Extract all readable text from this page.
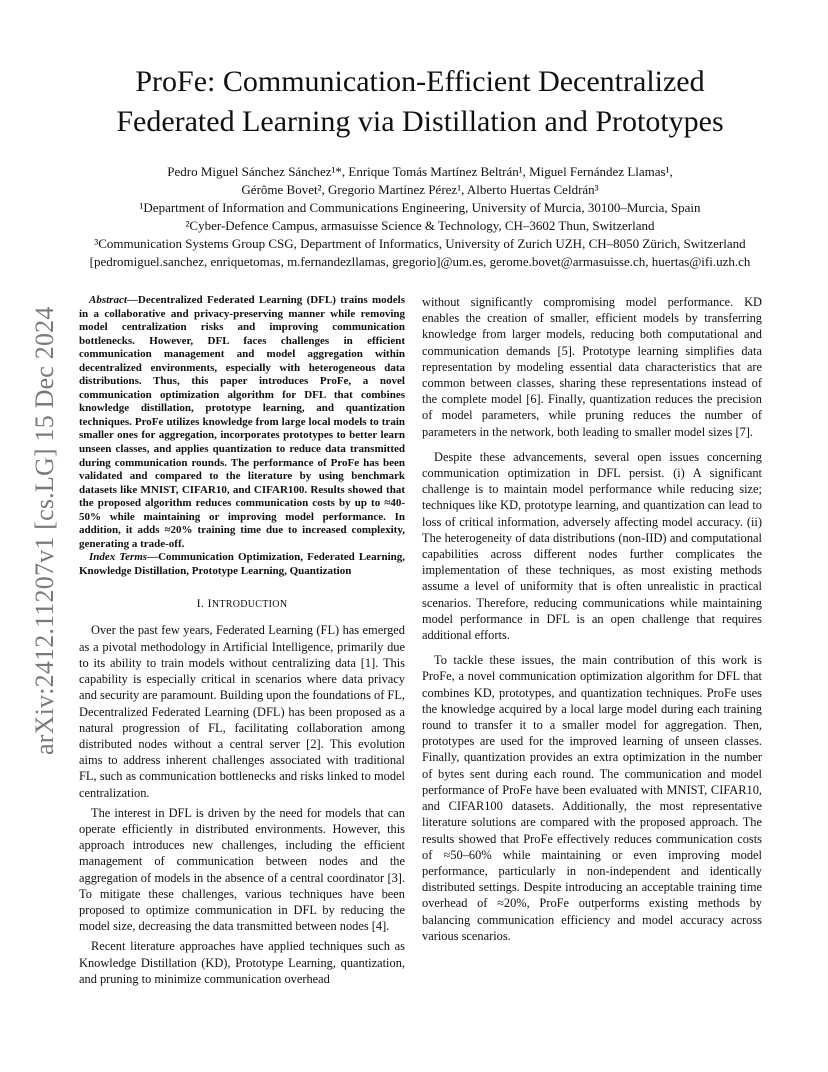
arXiv:2412.11207v1 [cs.LG] 15 Dec 2024
ProFe: Communication-Efficient Decentralized
Federated Learning via Distillation and Prototypes
Pedro Miguel Sánchez Sánchez¹*, Enrique Tomás Martínez Beltrán¹, Miguel Fernández Llamas¹,
Gérôme Bovet², Gregorio Martínez Pérez¹, Alberto Huertas Celdrán³
¹Department of Information and Communications Engineering, University of Murcia, 30100–Murcia, Spain
²Cyber-Defence Campus, armasuisse Science & Technology, CH–3602 Thun, Switzerland
³Communication Systems Group CSG, Department of Informatics, University of Zurich UZH, CH–8050 Zürich, Switzerland
[pedromiguel.sanchez, enriquetomas, m.fernandezllamas, gregorio]@um.es, gerome.bovet@armasuisse.ch, huertas@ifi.uzh.ch

Abstract—Decentralized Federated Learning (DFL) trains models in a collaborative and privacy-preserving manner while removing model centralization risks and improving communication bottlenecks. However, DFL faces challenges in efficient communication management and model aggregation within decentralized environments, especially with heterogeneous data distributions. Thus, this paper introduces ProFe, a novel communication optimization algorithm for DFL that combines knowledge distillation, prototype learning, and quantization techniques. ProFe utilizes knowledge from large local models to train smaller ones for aggregation, incorporates prototypes to better learn unseen classes, and applies quantization to reduce data transmitted during communication rounds. The performance of ProFe has been validated and compared to the literature by using benchmark datasets like MNIST, CIFAR10, and CIFAR100. Results showed that the proposed algorithm reduces communication costs by up to ≈40-50% while maintaining or improving model performance. In addition, it adds ≈20% training time due to increased complexity, generating a trade-off.

Index Terms—Communication Optimization, Federated Learning, Knowledge Distillation, Prototype Learning, Quantization

I. INTRODUCTION

Over the past few years, Federated Learning (FL) has emerged as a pivotal methodology in Artificial Intelligence, primarily due to its ability to train models without centralizing data [1]. This capability is especially critical in scenarios where data privacy and security are paramount. Building upon the foundations of FL, Decentralized Federated Learning (DFL) has been proposed as a natural progression of FL, facilitating collaboration among distributed nodes without a central server [2]. This evolution aims to address inherent challenges associated with traditional FL, such as communication bottlenecks and risks linked to model centralization.

The interest in DFL is driven by the need for models that can operate efficiently in distributed environments. However, this approach introduces new challenges, including the efficient management of communication between nodes and the aggregation of models in the absence of a central coordinator [3]. To mitigate these challenges, various techniques have been proposed to optimize communication in DFL by reducing the model size, decreasing the data transmitted between nodes [4].

Recent literature approaches have applied techniques such as Knowledge Distillation (KD), Prototype Learning, quantization, and pruning to minimize communication overhead

without significantly compromising model performance. KD enables the creation of smaller, efficient models by transferring knowledge from larger models, reducing both computational and communication demands [5]. Prototype learning simplifies data representation by modeling essential data characteristics that are common between classes, sharing these representations instead of the complete model [6]. Finally, quantization reduces the precision of model parameters, while pruning reduces the number of parameters in the network, both leading to smaller model sizes [7].

Despite these advancements, several open issues concerning communication optimization in DFL persist. (i) A significant challenge is to maintain model performance while reducing size; techniques like KD, prototype learning, and quantization can lead to loss of critical information, adversely affecting model accuracy. (ii) The heterogeneity of data distributions (non-IID) and computational capabilities across different nodes further complicates the implementation of these techniques, as most existing methods assume a level of uniformity that is often unrealistic in practical scenarios. Therefore, reducing communications while maintaining model performance in DFL is an open challenge that requires additional efforts.

To tackle these issues, the main contribution of this work is ProFe, a novel communication optimization algorithm for DFL that combines KD, prototypes, and quantization techniques. ProFe uses the knowledge acquired by a local large model during each training round to transfer it to a smaller model for aggregation. Then, prototypes are used for the improved learning of unseen classes. Finally, quantization provides an extra optimization in the number of bytes sent during each round. The communication and model performance of ProFe have been evaluated with MNIST, CIFAR10, and CIFAR100 datasets. Additionally, the most representative literature solutions are compared with the proposed approach. The results showed that ProFe effectively reduces communication costs of ≈50–60% while maintaining or even improving model performance, particularly in non-independent and identically distributed settings. Despite introducing an acceptable training time overhead of ≈20%, ProFe outperforms existing methods by balancing communication efficiency and model accuracy across various scenarios.
